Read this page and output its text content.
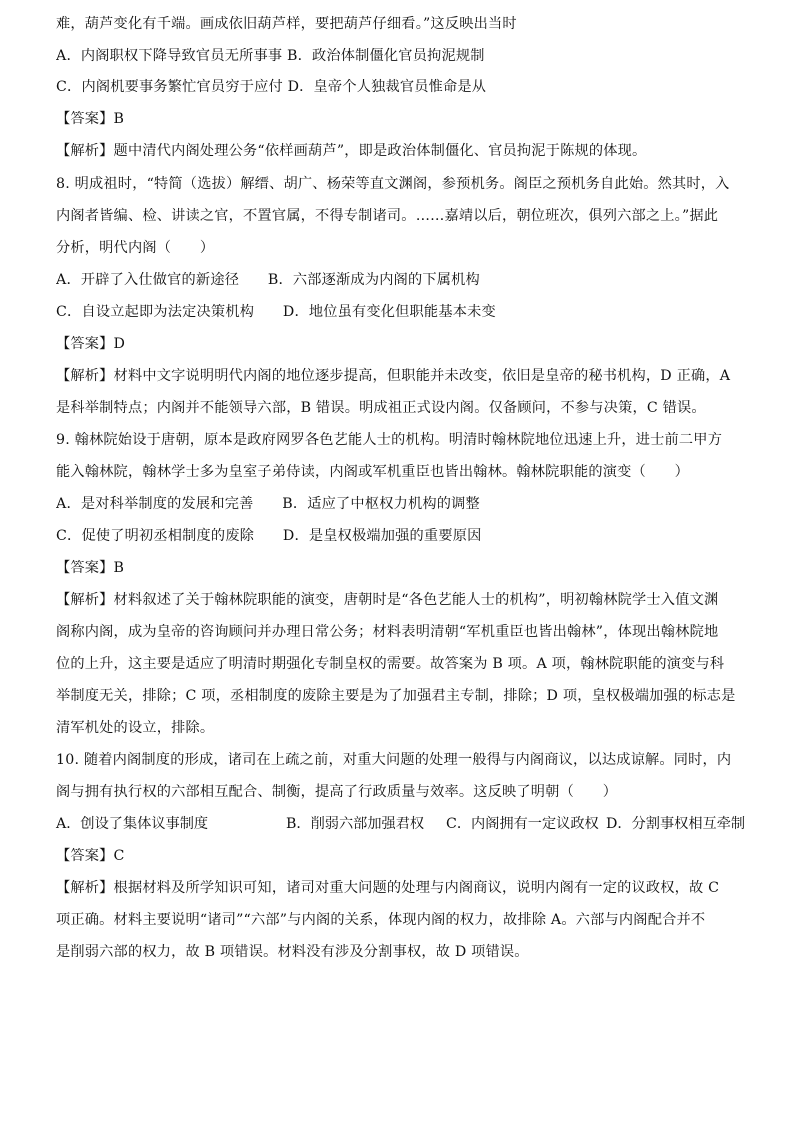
难，葫芦变化有千端。画成依旧葫芦样，要把葫芦仔细看。”这反映出当时
A．内阁职权下降导致官员无所事事 B．政治体制僵化官员拘泥规制
C．内阁机要事务繁忙官员穷于应付 D．皇帝个人独裁官员惟命是从
【答案】B
【解析】题中清代内阁处理公务“依样画葫芦”，即是政治体制僵化、官员拘泥于陈规的体现。
8. 明成祖时，“特简（选拔）解缙、胡广、杨荣等直文渊阁，参预机务。阁臣之预机务自此始。然其时，入
内阁者皆编、检、讲读之官，不置官属，不得专制诸司。……嘉靖以后，朝位班次，俱列六部之上。”据此
分析，明代内阁（　　）
A．开辟了入仕做官的新途径　　B．六部逐渐成为内阁的下属机构
C．自设立起即为法定决策机构　　D．地位虽有变化但职能基本未变
【答案】D
【解析】材料中文字说明明代内阁的地位逐步提高，但职能并未改变，依旧是皇帝的秘书机构，D 正确，A
是科举制特点；内阁并不能领导六部，B 错误。明成祖正式设内阁。仅备顾问，不参与决策，C 错误。
9. 翰林院始设于唐朝，原本是政府网罗各色艺能人士的机构。明清时翰林院地位迅速上升，进士前二甲方
能入翰林院，翰林学士多为皇室子弟侍读，内阁或军机重臣也皆出翰林。翰林院职能的演变（　　）
A．是对科举制度的发展和完善　　B．适应了中枢权力机构的调整
C．促使了明初丞相制度的废除　　D．是皇权极端加强的重要原因
【答案】B
【解析】材料叙述了关于翰林院职能的演变，唐朝时是“各色艺能人士的机构”，明初翰林院学士入值文渊
阁称内阁，成为皇帝的咨询顾问并办理日常公务；材料表明清朝“军机重臣也皆出翰林”，体现出翰林院地
位的上升，这主要是适应了明清时期强化专制皇权的需要。故答案为 B 项。A 项，翰林院职能的演变与科
举制度无关，排除；C 项，丞相制度的废除主要是为了加强君主专制，排除；D 项，皇权极端加强的标志是
清军机处的设立，排除。
10. 随着内阁制度的形成，诸司在上疏之前，对重大问题的处理一般得与内阁商议，以达成谅解。同时，内
阁与拥有执行权的六部相互配合、制衡，提高了行政质量与效率。这反映了明朝（　　）
A．创设了集体议事制度	B．削弱六部加强君权 C．内阁拥有一定议政权 D．分割事权相互牵制
【答案】C
【解析】根据材料及所学知识可知，诸司对重大问题的处理与内阁商议，说明内阁有一定的议政权，故 C
项正确。材料主要说明“诸司”“六部”与内阁的关系，体现内阁的权力，故排除 A。六部与内阁配合并不
是削弱六部的权力，故 B 项错误。材料没有涉及分割事权，故 D 项错误。
